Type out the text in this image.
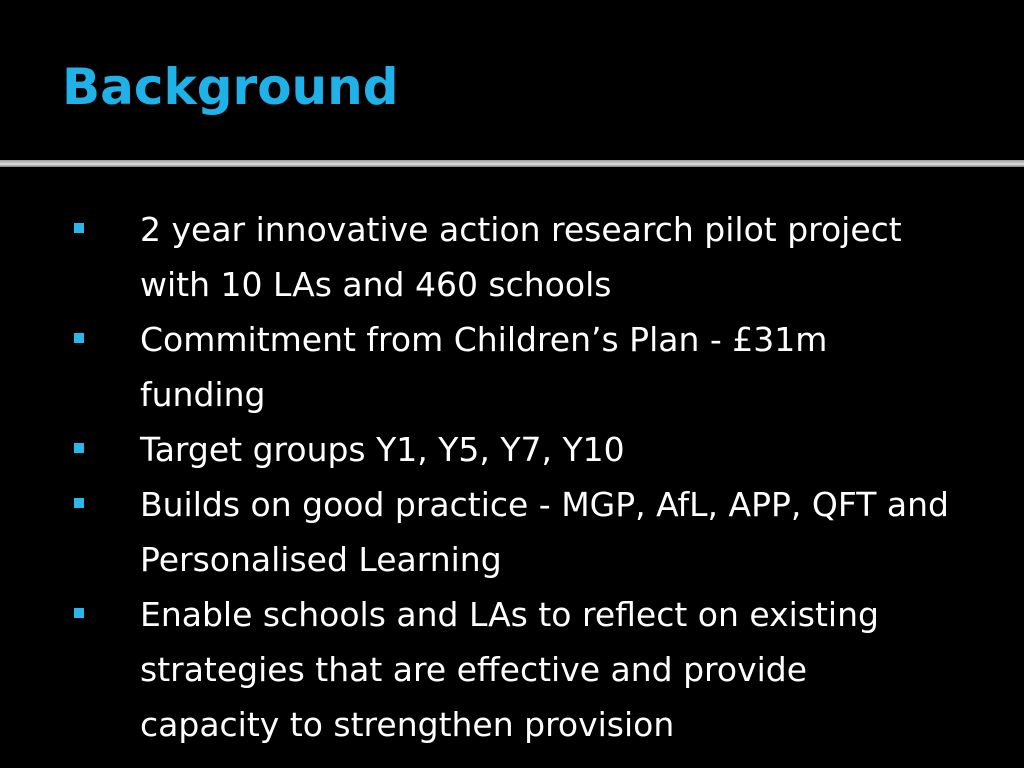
Background
2 year innovative action research pilot project with 10 LAs and 460 schools
Commitment from Children’s Plan - £31m funding
Target groups Y1, Y5, Y7, Y10
Builds on good practice - MGP, AfL, APP, QFT and Personalised Learning
Enable schools and LAs to reflect on existing strategies that are effective and provide capacity to strengthen provision
